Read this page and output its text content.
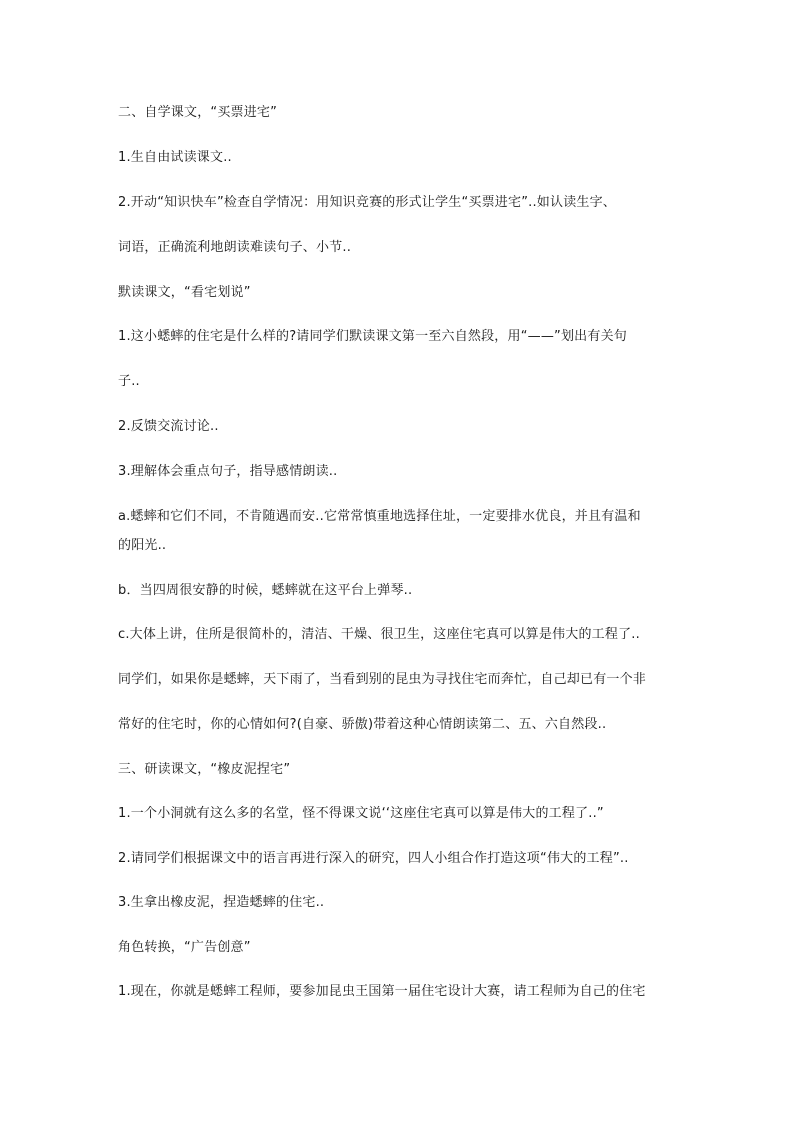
二、自学课文，“买票进宅”
1.生自由试读课文..
2.开动“知识快车”检查自学情况：用知识竞赛的形式让学生“买票进宅”..如认读生字、
词语，正确流利地朗读难读句子、小节..
默读课文，“看宅划说”
1.这小蟋蟀的住宅是什么样的?请同学们默读课文第一至六自然段，用“——”划出有关句
子..
2.反馈交流讨论..
3.理解体会重点句子，指导感情朗读..
a.蟋蟀和它们不同，不肯随遇而安..它常常慎重地选择住址，一定要排水优良，并且有温和
的阳光..
b．当四周很安静的时候，蟋蟀就在这平台上弹琴..
c.大体上讲，住所是很简朴的，清洁、干燥、很卫生，这座住宅真可以算是伟大的工程了..
同学们，如果你是蟋蟀，天下雨了，当看到别的昆虫为寻找住宅而奔忙，自己却已有一个非
常好的住宅时，你的心情如何?(自豪、骄傲)带着这种心情朗读第二、五、六自然段..
三、研读课文，“橡皮泥捏宅”
1.一个小洞就有这么多的名堂，怪不得课文说‘‘这座住宅真可以算是伟大的工程了..”
2.请同学们根据课文中的语言再进行深入的研究，四人小组合作打造这项“伟大的工程”..
3.生拿出橡皮泥，捏造蟋蟀的住宅..
角色转换，“广告创意”
1.现在，你就是蟋蟀工程师，要参加昆虫王国第一届住宅设计大赛，请工程师为自己的住宅
